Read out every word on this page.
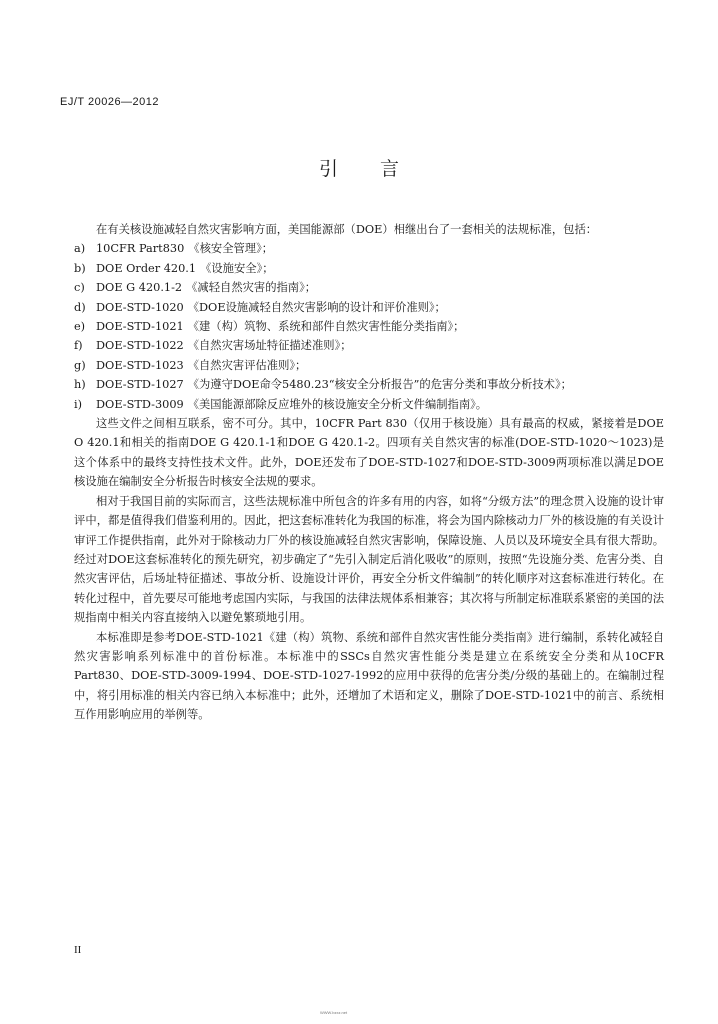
EJ/T 20026—2012
引 言

在有关核设施减轻自然灾害影响方面，美国能源部（DOE）相继出台了一套相关的法规标准，包括：

a) 10CFR Part830 《核安全管理》；
b) DOE Order 420.1 《设施安全》；
c) DOE G 420.1-2 《减轻自然灾害的指南》；
d) DOE-STD-1020 《DOE设施减轻自然灾害影响的设计和评价准则》；
e) DOE-STD-1021 《建（构）筑物、系统和部件自然灾害性能分类指南》；
f)	DOE-STD-1022 《自然灾害场址特征描述准则》；
g) DOE-STD-1023 《自然灾害评估准则》；
h) DOE-STD-1027 《为遵守DOE命令5480.23“核安全分析报告”的危害分类和事故分析技术》；
i)	DOE-STD-3009 《美国能源部除反应堆外的核设施安全分析文件编制指南》。

这些文件之间相互联系，密不可分。其中，10CFR Part 830（仅用于核设施）具有最高的权威，紧接着是DOE O 420.1和相关的指南DOE G 420.1-1和DOE G 420.1-2。四项有关自然灾害的标准(DOE-STD-1020～1023)是这个体系中的最终支持性技术文件。此外，DOE还发布了DOE-STD-1027和DOE-STD-3009两项标准以满足DOE核设施在编制安全分析报告时核安全法规的要求。

相对于我国目前的实际而言，这些法规标准中所包含的许多有用的内容，如将“分级方法”的理念贯入设施的设计审评中，都是值得我们借鉴利用的。因此，把这套标准转化为我国的标准，将会为国内除核动力厂外的核设施的有关设计审评工作提供指南，此外对于除核动力厂外的核设施减轻自然灾害影响，保障设施、人员以及环境安全具有很大帮助。经过对DOE这套标准转化的预先研究，初步确定了“先引入制定后消化吸收”的原则，按照“先设施分类、危害分类、自然灾害评估，后场址特征描述、事故分析、设施设计评价，再安全分析文件编制”的转化顺序对这套标准进行转化。在转化过程中，首先要尽可能地考虑国内实际，与我国的法律法规体系相兼容；其次将与所制定标准联系紧密的美国的法规指南中相关内容直接纳入以避免繁琐地引用。

本标准即是参考DOE-STD-1021《建（构）筑物、系统和部件自然灾害性能分类指南》进行编制，系转化减轻自然灾害影响系列标准中的首份标准。本标准中的SSCs自然灾害性能分类是建立在系统安全分类和从10CFR Part830、DOE-STD-3009-1994、DOE-STD-1027-1992的应用中获得的危害分类/分级的基础上的。在编制过程中，将引用标准的相关内容已纳入本标准中；此外，还增加了术语和定义，删除了DOE-STD-1021中的前言、系统相互作用影响应用的举例等。

II
WWW.bzxz.net
